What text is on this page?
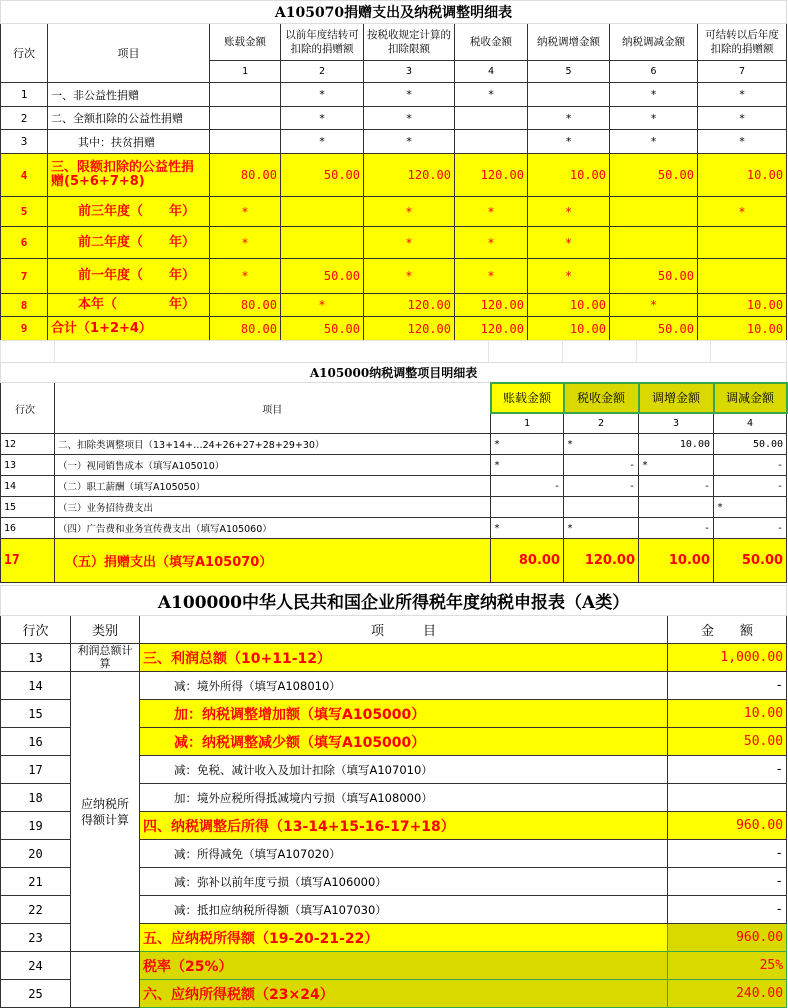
A105070捐赠支出及纳税调整明细表								
行次	项目	账载金额	以前年度结转可扣除的捐赠额	按税收规定计算的扣除限额	税收金额	纳税调增金额	纳税调减金额	可结转以后年度扣除的捐赠额
		1	2	3	4	5	6	7
1	一、非公益性捐赠		*	*	*		*	*
2	二、全额扣除的公益性捐赠		*	*		*	*	*
3	其中：扶贫捐赠		*	*		*	*	*
4	三、限额扣除的公益性捐赠(5+6+7+8)	80.00	50.00	120.00	120.00	10.00	50.00	10.00
5	前三年度（　　年）	*		*	*	*		*
6	前二年度（　　年）	*		*	*	*		
7	前一年度（　　年）	*	50.00	*	*	*	50.00	
8	本年（　　　　年）	80.00	*	120.00	120.00	10.00	*	10.00
9	合计（1+2+4）	80.00	50.00	120.00	120.00	10.00	50.00	10.00

A105000纳税调整项目明细表					
行次	项目	账载金额	税收金额	调增金额	调减金额
		1	2	3	4
12	二、扣除类调整项目（13+14+…24+26+27+28+29+30）	*	*	10.00	50.00
13	（一）视同销售成本（填写A105010）	*	-	*	-
14	（二）职工薪酬（填写A105050）	-	-	-	-
15	（三）业务招待费支出				*
16	（四）广告费和业务宣传费支出（填写A105060）	*	*	-	-
17	（五）捐赠支出（填写A105070）	80.00	120.00	10.00	50.00
A100000中华人民共和国企业所得税年度纳税申报表（A类）			
行次	类别	项　　　目	金　　额
13	利润总额计算	三、利润总额（10+11-12）	1,000.00
14	应纳税所得额计算	减：境外所得（填写A108010）	-
15		加：纳税调整增加额（填写A105000）	10.00
16		减：纳税调整减少额（填写A105000）	50.00
17		减：免税、减计收入及加计扣除（填写A107010）	-
18		加：境外应税所得抵减境内亏损（填写A108000）	
19		四、纳税调整后所得（13-14+15-16-17+18）	960.00
20		减：所得减免（填写A107020）	-
21		减：弥补以前年度亏损（填写A106000）	-
22		减：抵扣应纳税所得额（填写A107030）	-
23		五、应纳税所得额（19-20-21-22）	960.00
24		税率（25%）	25%
25		六、应纳所得税额（23×24）	240.00
